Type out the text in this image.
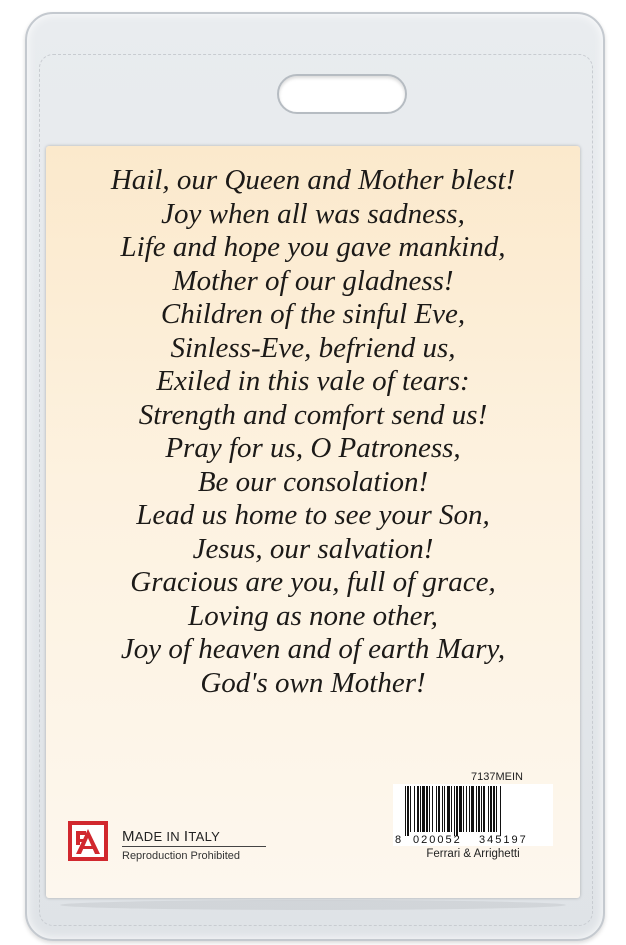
Hail, our Queen and Mother blest!
Joy when all was sadness,
Life and hope you gave mankind,
Mother of our gladness!
Children of the sinful Eve,
Sinless-Eve, befriend us,
Exiled in this vale of tears:
Strength and comfort send us!
Pray for us, O Patroness,
Be our consolation!
Lead us home to see your Son,
Jesus, our salvation!
Gracious are you, full of grace,
Loving as none other,
Joy of heaven and of earth Mary,
God's own Mother!
7137MEIN
MADE IN ITALY
Reproduction Prohibited
8 020052 345197
Ferrari & Arrighetti
